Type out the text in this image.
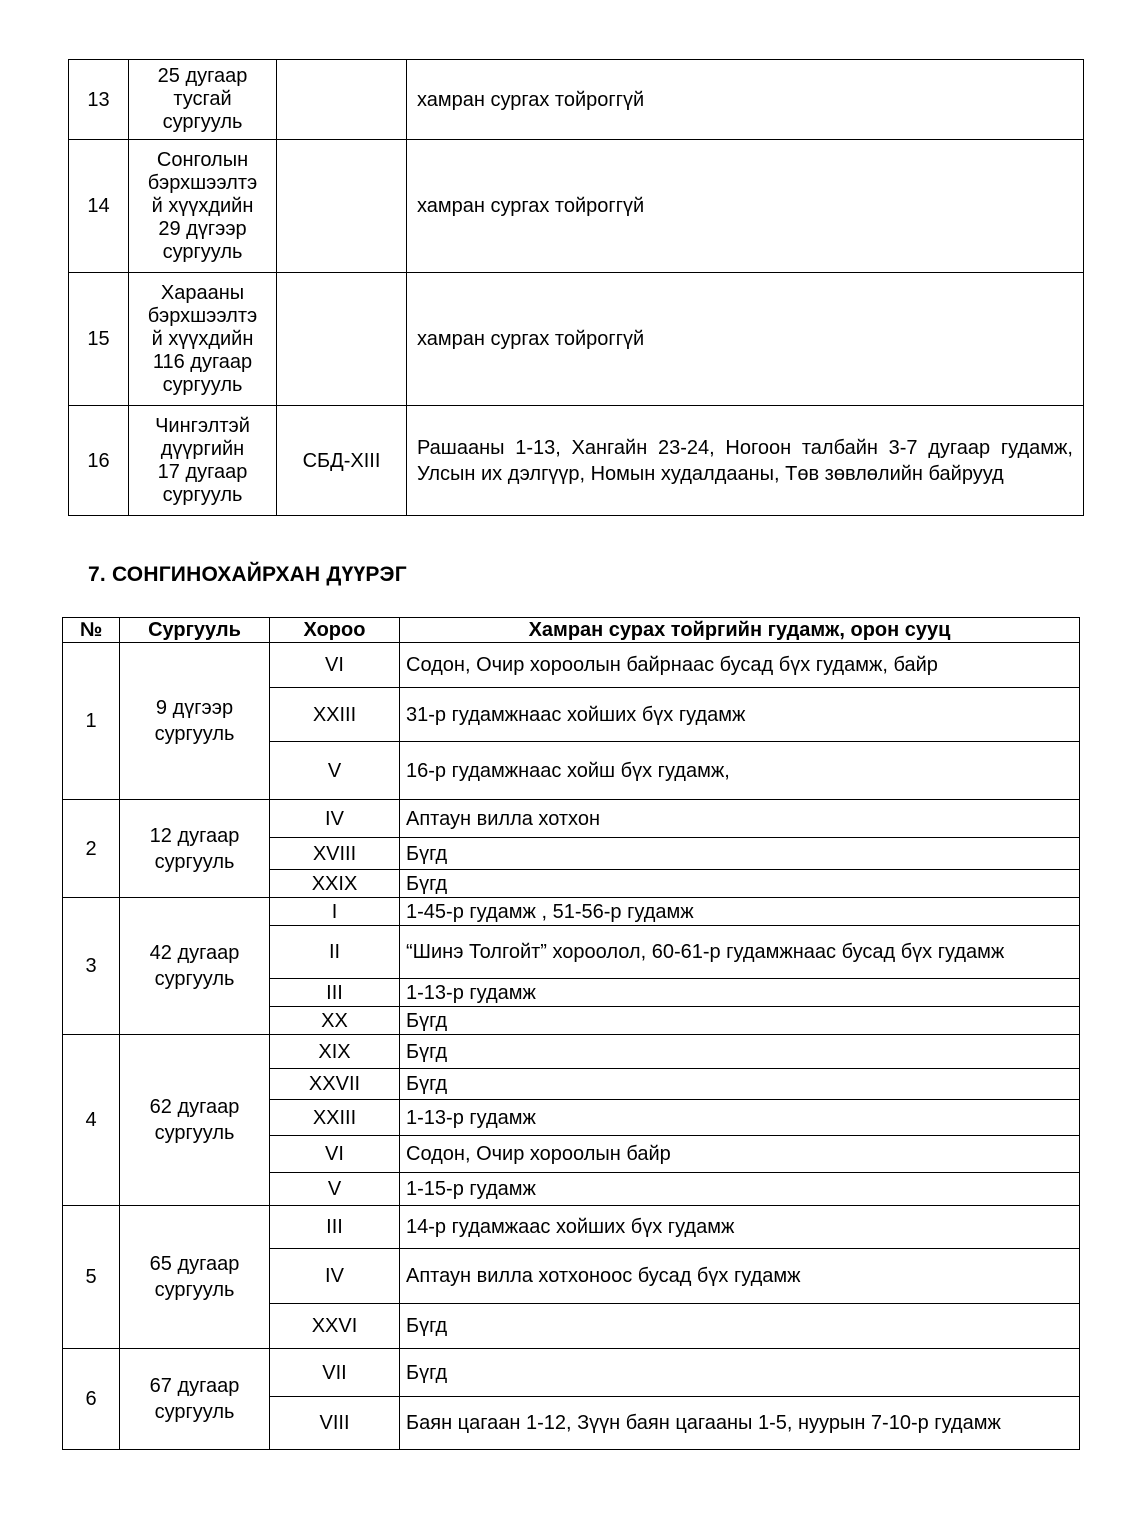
13	25 дугаар
тусгай
сургууль		хамран сургах тойроггүй
14	Сонголын
бэрхшээлтэ
й хүүхдийн
29 дүгээр
сургууль		хамран сургах тойроггүй
15	Хараaны
бэрхшээлтэ
й хүүхдийн
116 дугаар
сургууль		хамран сургах тойроггүй
16	Чингэлтэй
дүүргийн
17 дугаар
сургууль	СБД-XIII	Рашааны 1-13, Хангайн 23-24, Ногоон талбайн 3-7 дугаар гудамж, Улсын их дэлгүүр, Номын худалдааны, Төв зөвлөлийн байрууд
7. СОНГИНОХАЙРХАН ДҮҮРЭГ
№	Сургууль	Хороо	Хамран сурах тойргийн гудамж, орон сууц
1	9 дүгээр
сургууль	VI	Содон, Очир хороолын байрнаас бусад бүх гудамж, байр
		XXIII	31-р гудамжнаас хойших бүх гудамж
		V	16-р гудамжнаас хойш бүх гудамж,
2	12 дугаар
сургууль	IV	Аптаун вилла хотхон
		XVIII	Бүгд
		XXIX	Бүгд
3	42 дугаар
сургууль	I	1-45-р гудамж , 51-56-р гудамж
		II	“Шинэ Толгойт” хороолол, 60-61-р гудамжнаас бусад бүх гудамж
		III	1-13-р гудамж
		XX	Бүгд
4	62 дугаар
сургууль	XIX	Бүгд
		XXVII	Бүгд
		XXIII	1-13-р гудамж
		VI	Содон, Очир хороолын байр
		V	1-15-р гудамж
5	65 дугаар
сургууль	III	14-р гудамжаас хойших бүх гудамж
		IV	Аптаун вилла хотхоноос бусад бүх гудамж
		XXVI	Бүгд
6	67 дугаар
сургууль	VII	Бүгд
		VIII	Баян цагаан 1-12, Зүүн баян цагааны 1-5, нуурын 7-10-р гудамж
